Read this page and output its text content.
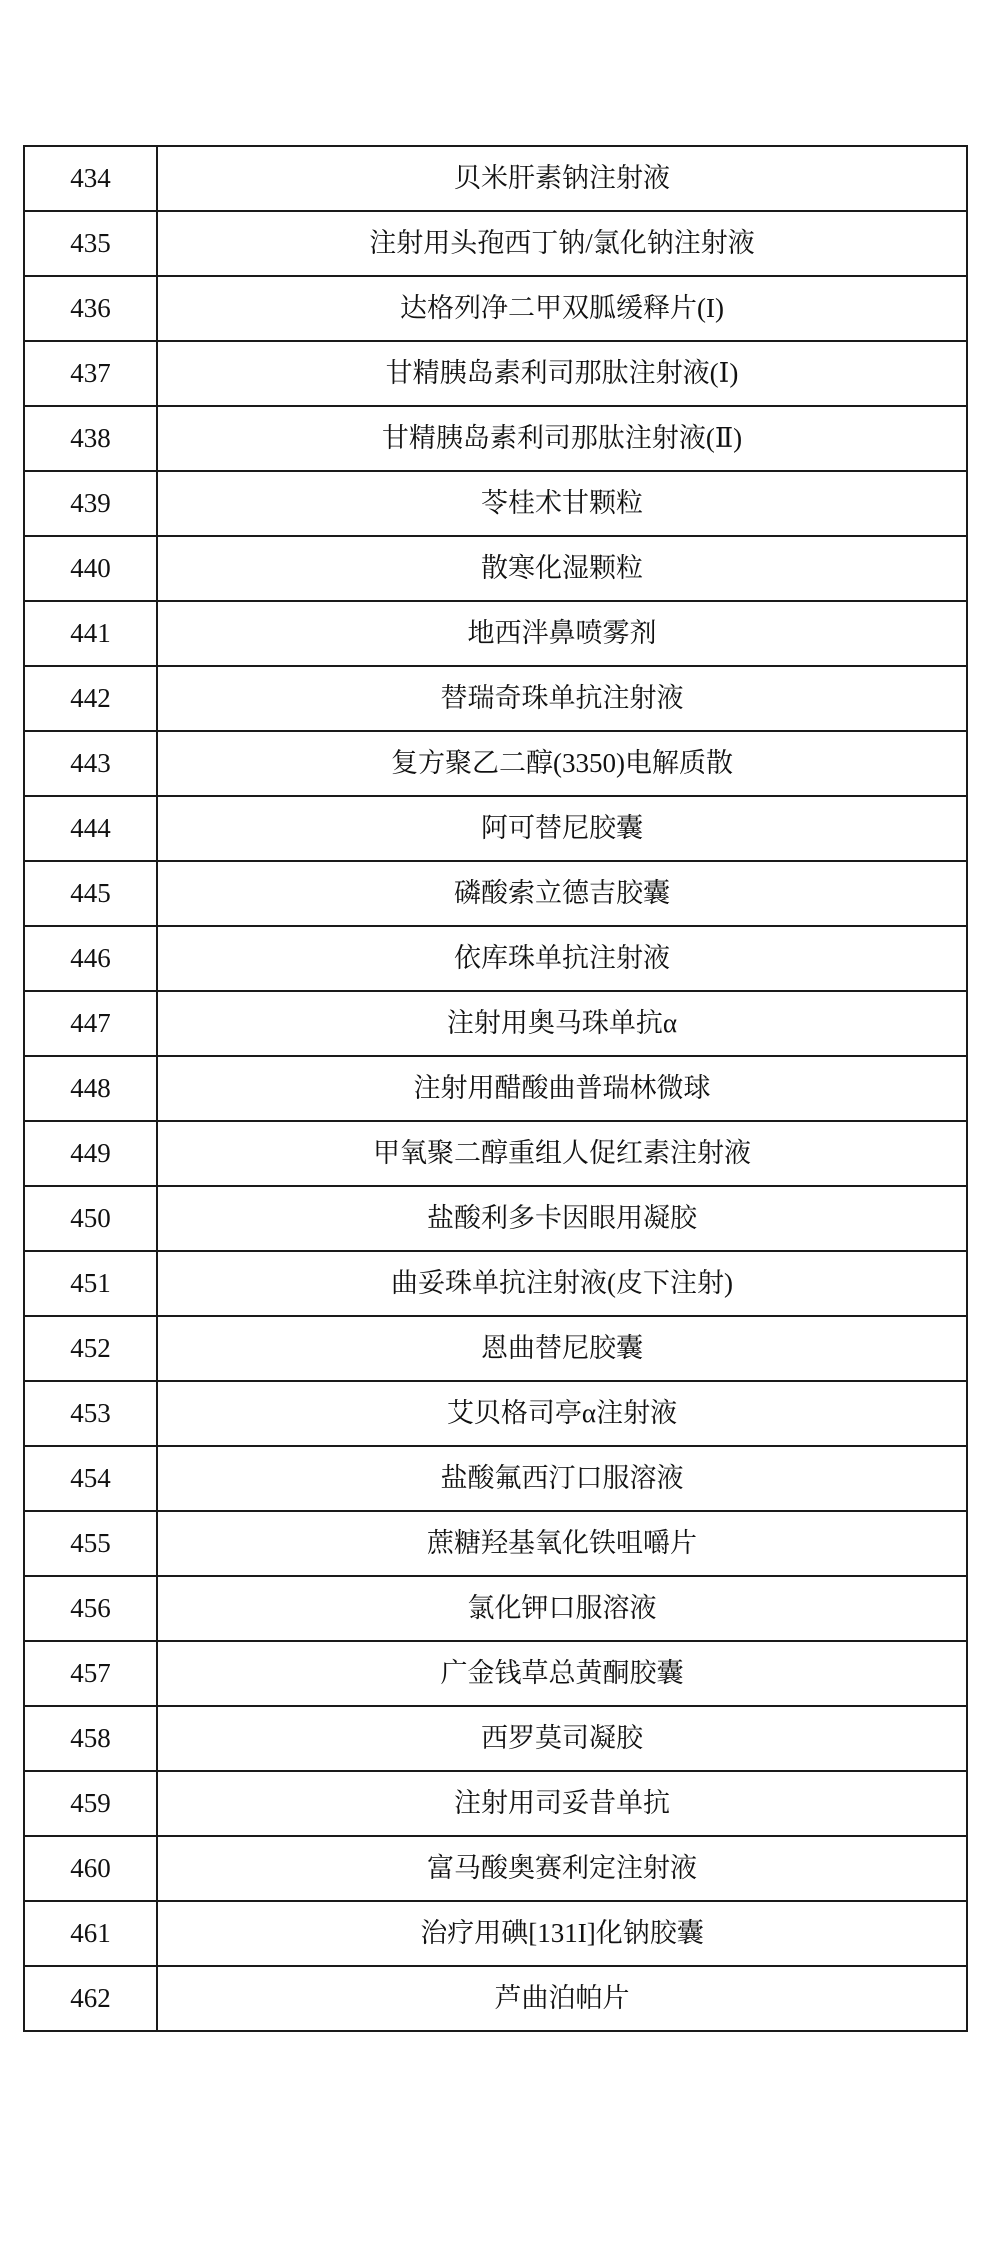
434	贝米肝素钠注射液
435	注射用头孢西丁钠/氯化钠注射液
436	达格列净二甲双胍缓释片(I)
437	甘精胰岛素利司那肽注射液(Ⅰ)
438	甘精胰岛素利司那肽注射液(Ⅱ)
439	苓桂术甘颗粒
440	散寒化湿颗粒
441	地西泮鼻喷雾剂
442	替瑞奇珠单抗注射液
443	复方聚乙二醇(3350)电解质散
444	阿可替尼胶囊
445	磷酸索立德吉胶囊
446	依库珠单抗注射液
447	注射用奥马珠单抗α
448	注射用醋酸曲普瑞林微球
449	甲氧聚二醇重组人促红素注射液
450	盐酸利多卡因眼用凝胶
451	曲妥珠单抗注射液(皮下注射)
452	恩曲替尼胶囊
453	艾贝格司亭α注射液
454	盐酸氟西汀口服溶液
455	蔗糖羟基氧化铁咀嚼片
456	氯化钾口服溶液
457	广金钱草总黄酮胶囊
458	西罗莫司凝胶
459	注射用司妥昔单抗
460	富马酸奥赛利定注射液
461	治疗用碘[131I]化钠胶囊
462	芦曲泊帕片
